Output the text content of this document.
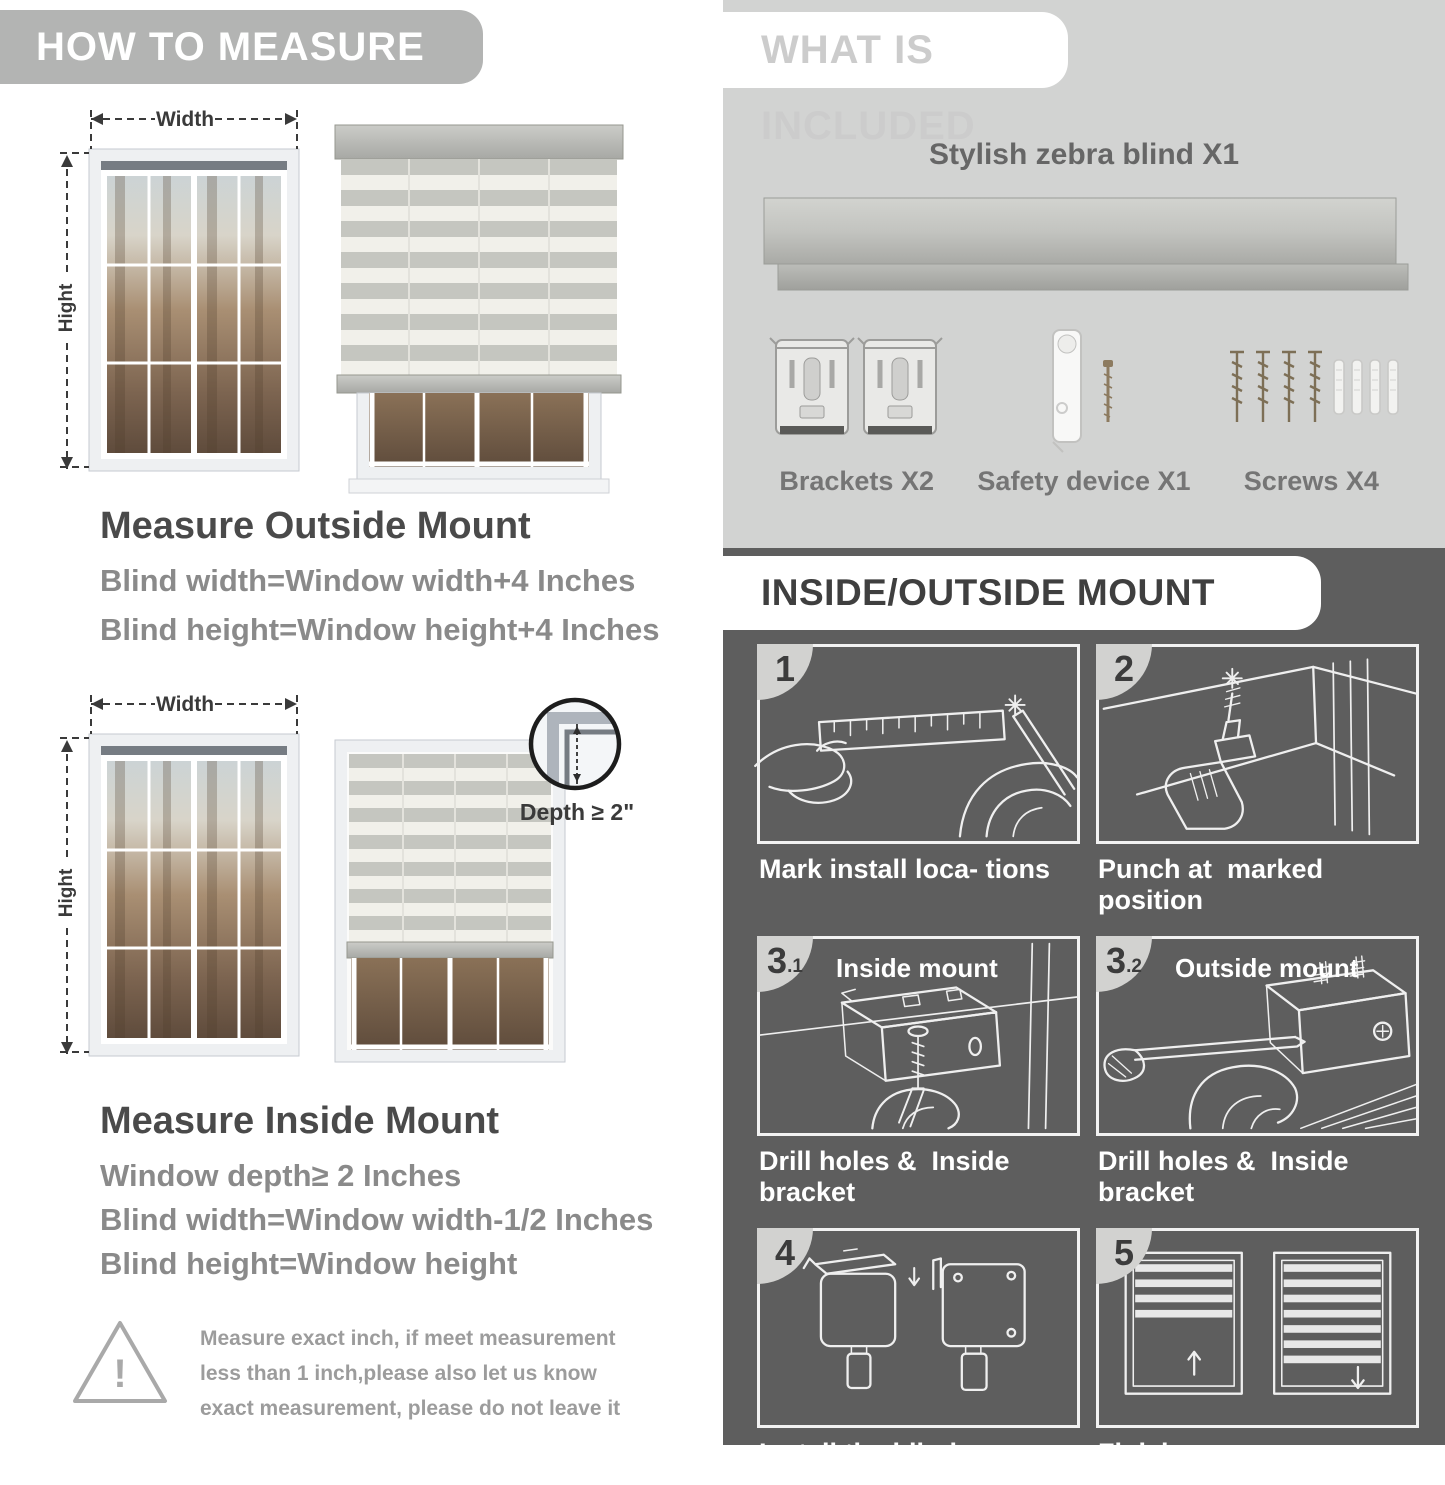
HOW TO MEASURE
Width
Hight
Measure Outside Mount

Blind width=Window width+4 Inches

Blind height=Window height+4 Inches

Width
Hight
Depth ≥ 2"
Measure Inside Mount

Window depth≥ 2 Inches

Blind width=Window width-1/2 Inches

Blind height=Window height

!

Measure exact inch, if meet measurement less than 1 inch,please also let us know exact measurement, please do not leave it

WHAT IS INCLUDED

Stylish zebra blind X1

Brackets X2 Safety device X1 Screws X4
INSIDE/OUTSIDE MOUNT
1
Mark install loca- tions
2
Punch at  marked position
3 .1 Inside mount
Drill holes &  Inside bracket
3 .2 Outside mount
Drill holes &  Inside bracket
4
Install the blind
5
Finish
